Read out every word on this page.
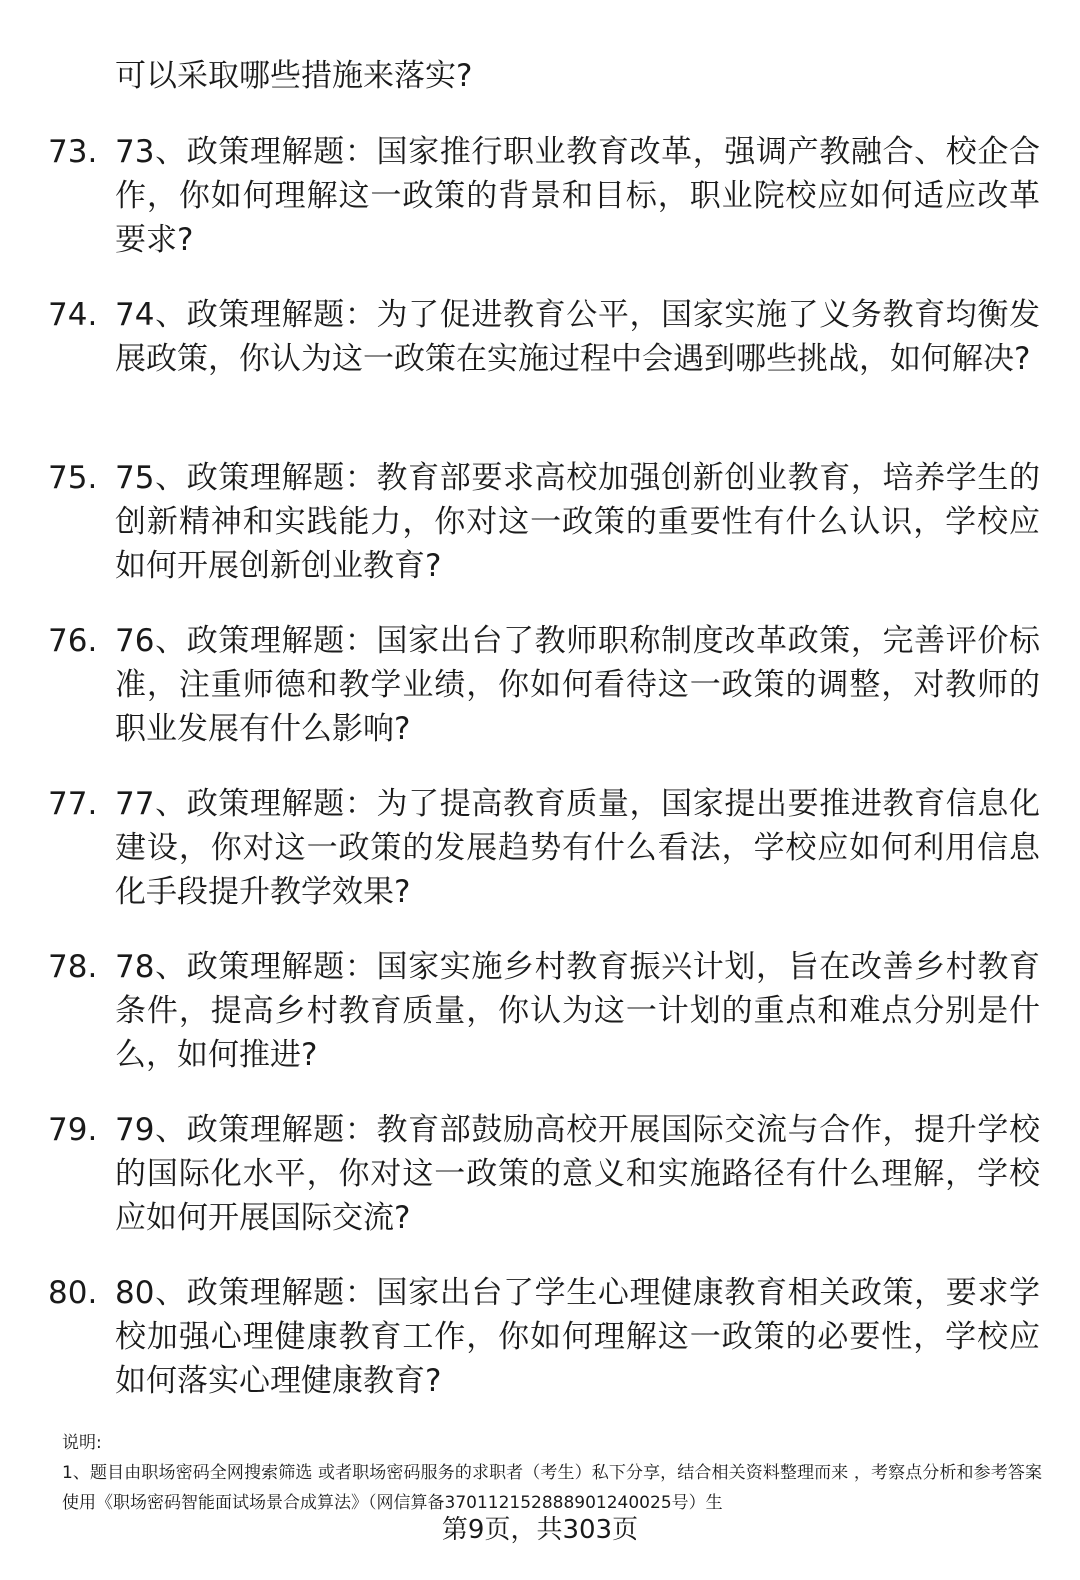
可以采取哪些措施来落实?
73. 73、政策理解题：国家推行职业教育改革，强调产教融合、校企合作，你如何理解这一政策的背景和目标，职业院校应如何适应改革要求?
74. 74、政策理解题：为了促进教育公平，国家实施了义务教育均衡发展政策，你认为这一政策在实施过程中会遇到哪些挑战，如何解决?
75. 75、政策理解题：教育部要求高校加强创新创业教育，培养学生的创新精神和实践能力，你对这一政策的重要性有什么认识，学校应如何开展创新创业教育?
76. 76、政策理解题：国家出台了教师职称制度改革政策，完善评价标准，注重师德和教学业绩，你如何看待这一政策的调整，对教师的职业发展有什么影响?
77. 77、政策理解题：为了提高教育质量，国家提出要推进教育信息化建设，你对这一政策的发展趋势有什么看法，学校应如何利用信息化手段提升教学效果?
78. 78、政策理解题：国家实施乡村教育振兴计划，旨在改善乡村教育条件，提高乡村教育质量，你认为这一计划的重点和难点分别是什么，如何推进?
79. 79、政策理解题：教育部鼓励高校开展国际交流与合作，提升学校的国际化水平，你对这一政策的意义和实施路径有什么理解，学校应如何开展国际交流?
80. 80、政策理解题：国家出台了学生心理健康教育相关政策，要求学校加强心理健康教育工作，你如何理解这一政策的必要性，学校应如何落实心理健康教育?
说明:
1、题目由职场密码全网搜索筛选 或者职场密码服务的求职者（考生）私下分享，结合相关资料整理而来 ，考察点分析和参考答案使用《职场密码智能面试场景合成算法》（网信算备370112152888901240025号）生
第9页，共303页
